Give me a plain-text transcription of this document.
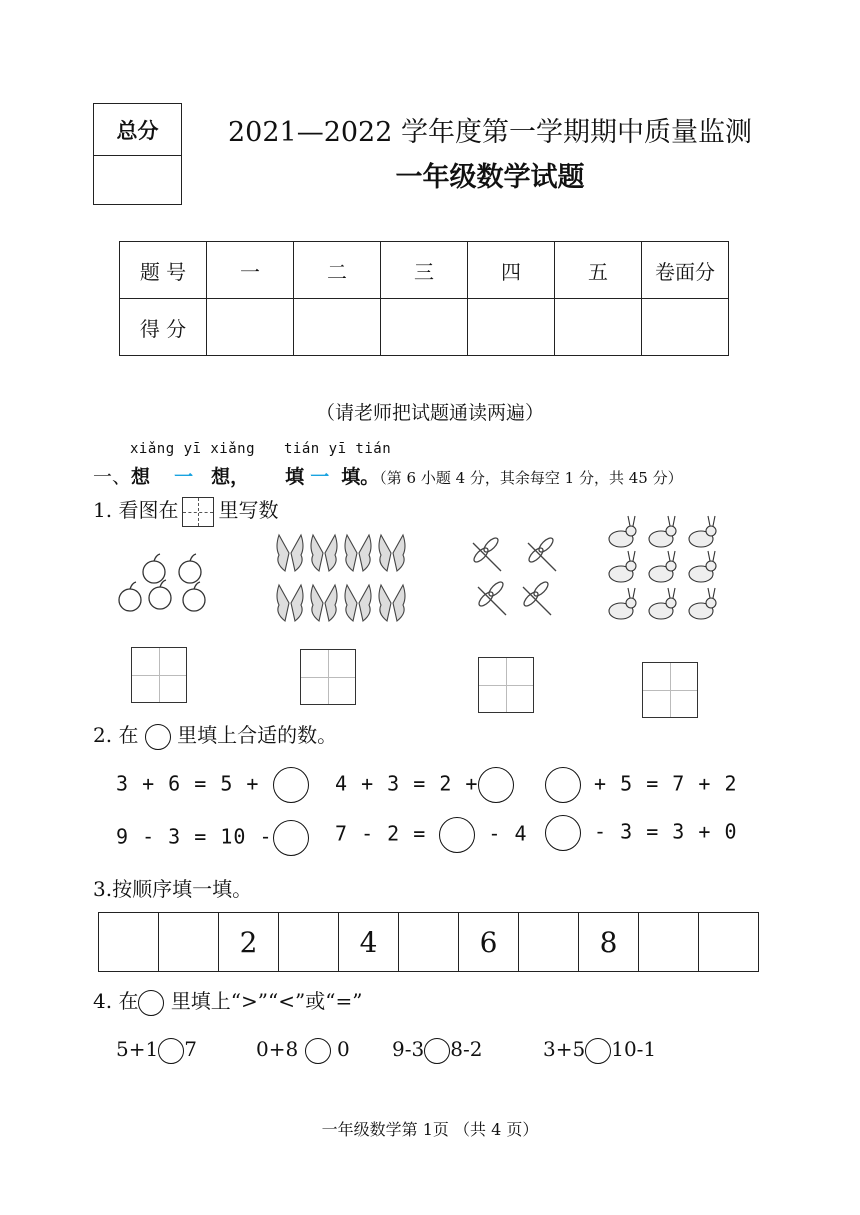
总分	2021—2022 学年度第一学期期中质量监测
一年级数学试题
题 号	一	二	三	四	五	卷面分
得 分						
（请老师把试题通读两遍）
xiǎng yī xiǎng tián yī tián
一、想 一 想， 填 一 填。（第 6 小题 4 分，其余每空 1 分，共 45 分）
1. 看图在 里写数
2. 在 里填上合适的数。
3 + 6 = 5 +	4 + 3 = 2 +	+ 5 = 7 + 2
9 - 3 = 10 -	7 - 2 =	- 4	- 3 = 3 + 0
3.按顺序填一填。
		2		4		6		8		
4. 在 里填上“>”“<”或“=”
5+1 7	0+8 0 9-3 8-2	3+5 10-1
一年级数学第 1页 （共 4 页）
